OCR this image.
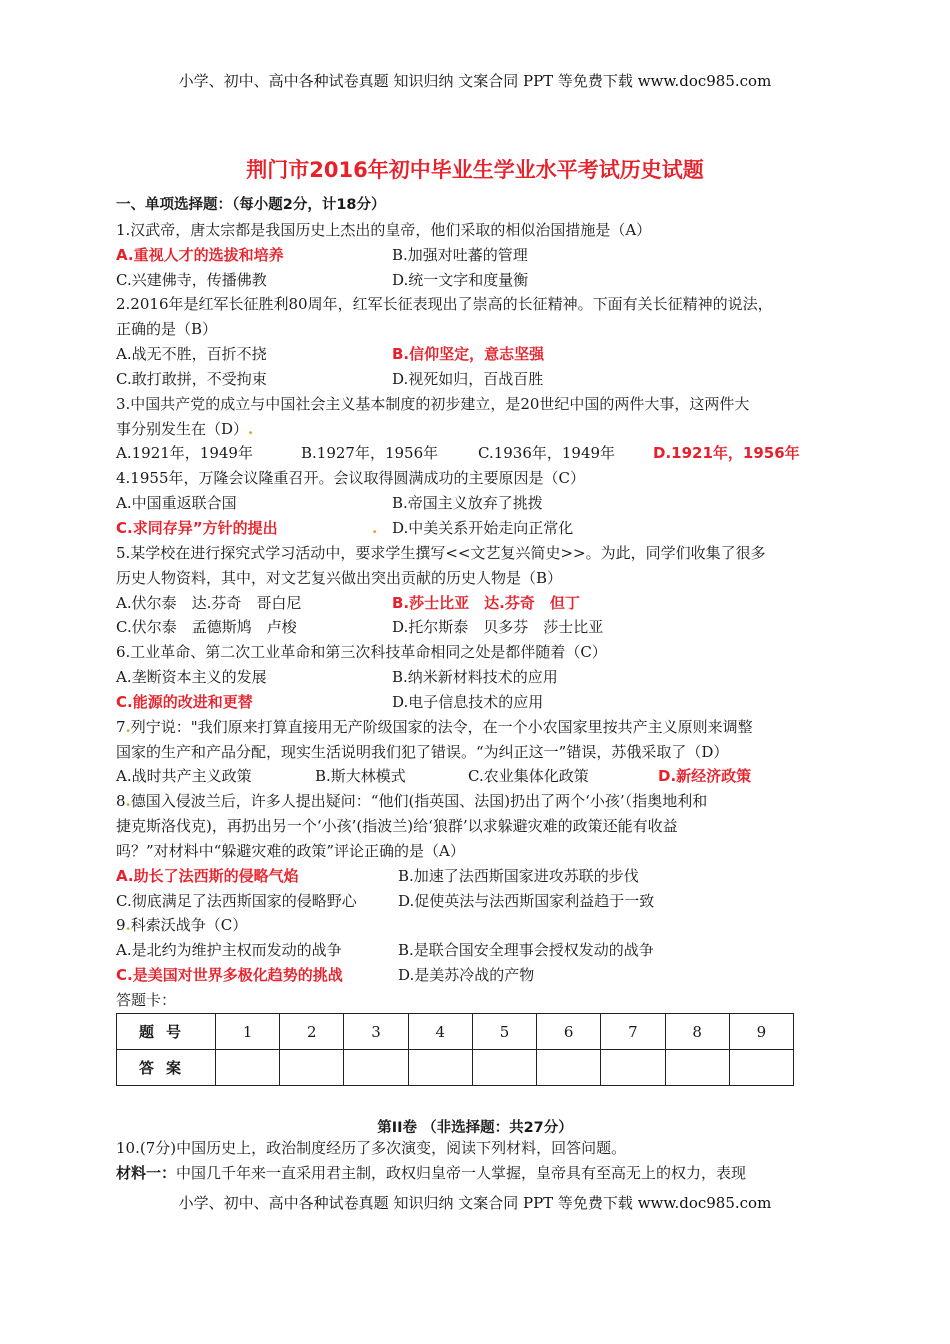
小学、初中、高中各种试卷真题 知识归纳 文案合同 PPT 等免费下载 www.doc985.com
荆门市2016年初中毕业生学业水平考试历史试题
一、单项选择题：（每小题2分，计18分）
1.汉武帝，唐太宗都是我国历史上杰出的皇帝，他们采取的相似治国措施是（A）
A.重视人才的选拔和培养	B.加强对吐蕃的管理
C.兴建佛寺，传播佛教	D.统一文字和度量衡
2.2016年是红军长征胜利80周年，红军长征表现出了崇高的长征精神。下面有关长征精神的说法，
正确的是（B）
A.战无不胜，百折不挠	B.信仰坚定，意志坚强
C.敢打敢拼，不受拘束	D.视死如归，百战百胜
3.中国共产党的成立与中国社会主义基本制度的初步建立，是20世纪中国的两件大事，这两件大
事分别发生在（D）.
A.1921年，1949年	B.1927年，1956年	C.1936年，1949年	D.1921年，1956年
4.1955年，万隆会议隆重召开。会议取得圆满成功的主要原因是（C）
A.中国重返联合国	B.帝国主义放弃了挑拨
C.求同存异”方针的提出	. D.中美关系开始走向正常化
5.某学校在进行探究式学习活动中，要求学生撰写<<文艺复兴简史>>。为此，同学们收集了很多
历史人物资料，其中，对文艺复兴做出突出贡献的历史人物是（B）
A.伏尔泰　达.芬奇　哥白尼	B.莎士比亚　达.芬奇　但丁
C.伏尔泰　孟德斯鸠　卢梭	D.托尔斯泰　贝多芬　莎士比亚
6.工业革命、第二次工业革命和第三次科技革命相同之处是都伴随着（C）
A.垄断资本主义的发展	B.纳米新材料技术的应用
C.能源的改进和更替	D.电子信息技术的应用
7.列宁说："我们原来打算直接用无产阶级国家的法令，在一个小农国家里按共产主义原则来调整
国家的生产和产品分配，现实生活说明我们犯了错误。“为纠正这一”错误，苏俄采取了（D）
A.战时共产主义政策	B.斯大林模式	C.农业集体化政策	D.新经济政策
8.德国入侵波兰后，许多人提出疑问：“他们(指英国、法国)扔出了两个‘小孩’（指奥地利和
捷克斯洛伐克)，再扔出另一个‘小孩’(指波兰)给‘狼群’以求躲避灾难的政策还能有收益
吗？”对材料中“躲避灾难的政策”评论正确的是（A）
A.助长了法西斯的侵略气焰	B.加速了法西斯国家进攻苏联的步伐
C.彻底满足了法西斯国家的侵略野心	D.促使英法与法西斯国家利益趋于一致
9.科索沃战争（C）
A.是北约为维护主权而发动的战争	B.是联合国安全理事会授权发动的战争
C.是美国对世界多极化趋势的挑战	D.是美苏冷战的产物
答题卡：
题号	1	2	3	4	5	6	7	8	9
答案									
第II卷 （非选择题：共27分）
10.(7分)中国历史上，政治制度经历了多次演变，阅读下列材料，回答问题。
材料一：中国几千年来一直采用君主制，政权归皇帝一人掌握，皇帝具有至高无上的权力，表现
小学、初中、高中各种试卷真题 知识归纳 文案合同 PPT 等免费下载 www.doc985.com
